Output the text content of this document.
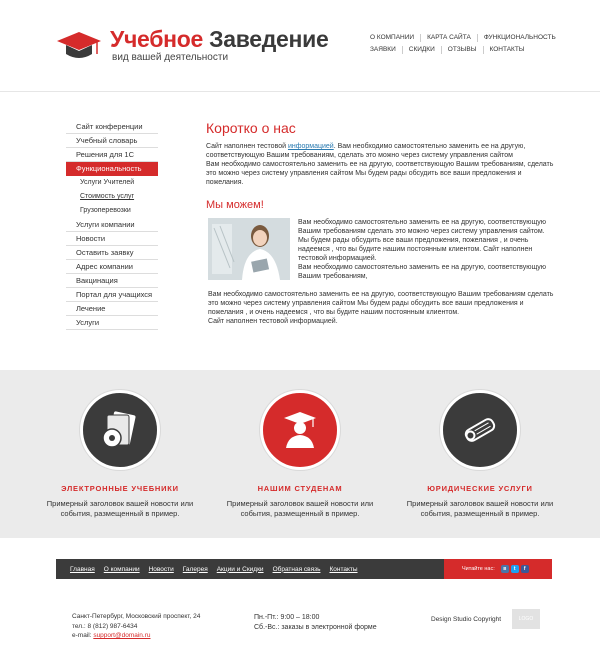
Учебное Заведение
вид вашей деятельности
О КОМПАНИИ КАРТА САЙТА ФУНКЦИОНАЛЬНОСТЬ
ЗАЯВКИ СКИДКИ ОТЗЫВЫ КОНТАКТЫ
Сайт конференции
Учебный словарь
Решения для 1С
Функциональность
Услуги Учителей
Стоимость услуг
Грузоперевозки
Услуги компании
Новости
Оставить заявку
Адрес компании
Вакцинация
Портал для учащихся
Лечение
Услуги
Коротко о нас
Сайт наполнен тестовой информацией. Вам необходимо самостоятельно заменить ее на другую, соответствующую Вашим требованиям, сделать это можно через систему управления сайтом
Вам необходимо самостоятельно заменить ее на другую, соответствующую Вашим требованиям, сделать это можно через систему управления сайтом Мы будем рады обсудить все ваши предложения и пожелания.
Мы можем!
Вам необходимо самостоятельно заменить ее на другую, соответствующую Вашим требованиям сделать это можно через систему управления сайтом. Мы будем рады обсудить все ваши предложения, пожелания , и очень надеемся , что вы будите нашим постоянным клиентом. Сайт наполнен тестовой информацией.
Вам необходимо самостоятельно заменить ее на другую, соответствующую Вашим требованиям,
Вам необходимо самостоятельно заменить ее на другую, соответствующую Вашим требованиям сделать это можно через систему управления сайтом Мы будем рады обсудить все ваши предложения и пожелания , и очень надеемся , что вы будите нашим постоянным клиентом.
Сайт наполнен тестовой информацией.
ЭЛЕКТРОННЫЕ УЧЕБНИКИ
Примерный заголовок вашей новости или события, размещенный в пример.
НАШИМ СТУДЕНАМ
Примерный заголовок вашей новости или события, размещенный в пример.
ЮРИДИЧЕСКИЕ УСЛУГИ
Примерный заголовок вашей новости или события, размещенный в пример.
Главная О компании Новости Галерея Акции и Скидки Обратная связь Контакты	Читайте нас:	в	t	f
Санкт-Петербург, Московский проспект, 24
тел.: 8 (812) 987-6434
e-mail: support@domain.ru
Пн.-Пт.: 9:00 – 18:00
Сб.-Вс.: заказы в электронной форме
Design Studio Copyright	LOGO
